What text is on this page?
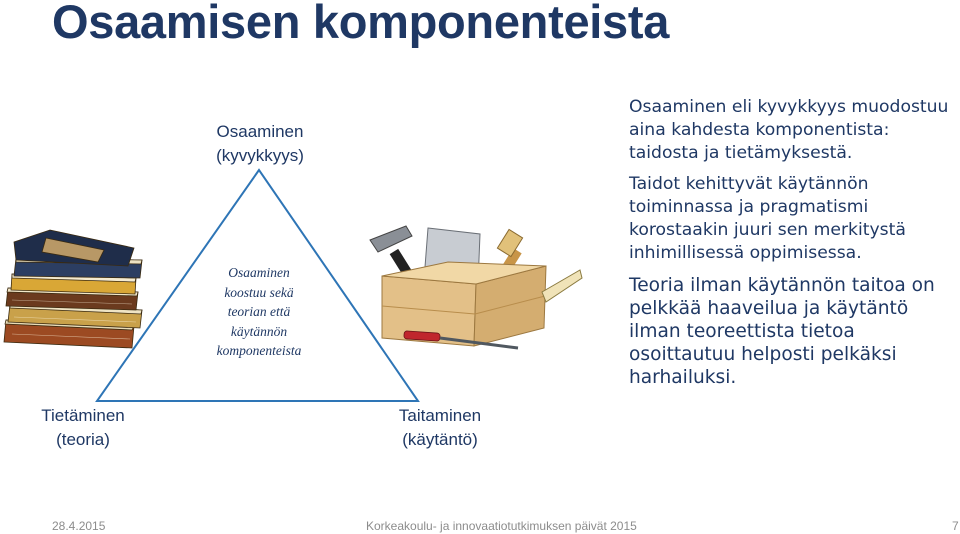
Osaamisen komponenteista
Osaaminen
(kyvykkyys)
Osaaminen
koostuu sekä
teorian että
käytännön
komponenteista
Tietäminen
(teoria)
Taitaminen
(käytäntö)

Osaaminen eli kyvykkyys muodostuu aina kahdesta komponentista: taidosta ja tietämyksestä.

Taidot kehittyvät käytännön toiminnassa ja pragmatismi korostaakin juuri sen merkitystä inhimillisessä oppimisessa.

Teoria ilman käytännön taitoa on pelkkää haaveilua ja käytäntö ilman teoreettista tietoa osoittautuu helposti pelkäksi harhailuksi.

28.4.2015	Korkeakoulu- ja innovaatiotutkimuksen päivät 2015	7
